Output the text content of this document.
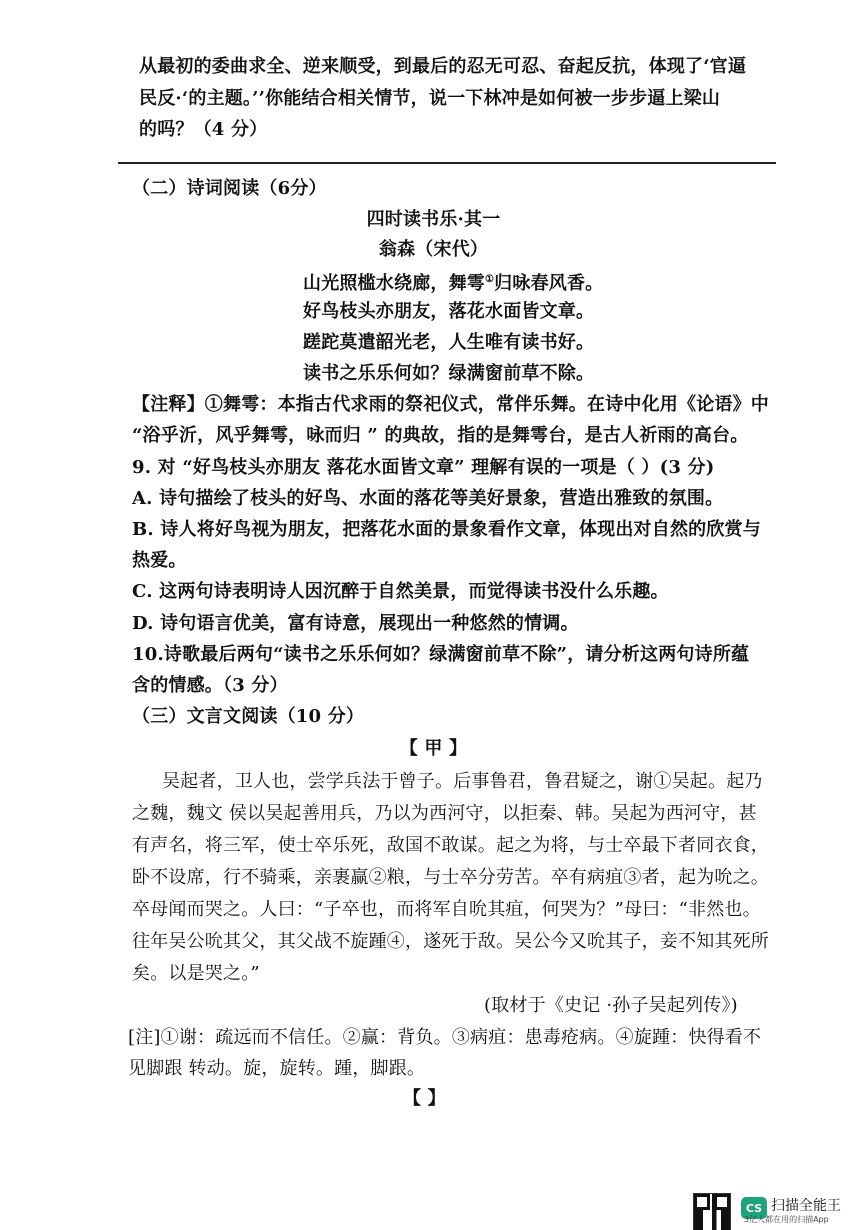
从最初的委曲求全、逆来顺受，到最后的忍无可忍、奋起反抗，体现了‘官逼
民反·‘的主题。’’你能结合相关情节，说一下林冲是如何被一步步逼上梁山
的吗？（4 分）
（二）诗词阅读（6分）
四时读书乐·其一
翁森（宋代）
山光照槛水绕廊，舞雩①归咏春风香。
好鸟枝头亦朋友，落花水面皆文章。
蹉跎莫遣韶光老，人生唯有读书好。
读书之乐乐何如？绿满窗前草不除。
【注释】①舞雩：本指古代求雨的祭祀仪式，常伴乐舞。在诗中化用《论语》中
“浴乎沂，风乎舞雩，咏而归 ” 的典故，指的是舞雩台，是古人祈雨的高台。
9. 对 “好鸟枝头亦朋友 落花水面皆文章” 理解有误的一项是（ ）(3 分)
A. 诗句描绘了枝头的好鸟、水面的落花等美好景象，营造出雅致的氛围。
B. 诗人将好鸟视为朋友，把落花水面的景象看作文章，体现出对自然的欣赏与
热爱。
C. 这两句诗表明诗人因沉醉于自然美景，而觉得读书没什么乐趣。
D. 诗句语言优美，富有诗意，展现出一种悠然的情调。
10.诗歌最后两句“读书之乐乐何如？绿满窗前草不除”，请分析这两句诗所蕴
含的情感。（3 分）
（三）文言文阅读（10 分）
【 甲 】
吴起者，卫人也，尝学兵法于曾子。后事鲁君，鲁君疑之，谢①吴起。起乃
之魏，魏文 侯以吴起善用兵，乃以为西河守，以拒秦、韩。吴起为西河守，甚
有声名，将三军，使士卒乐死，敌国不敢谋。起之为将，与士卒最下者同衣食，
卧不设席，行不骑乘，亲裹赢②粮，与士卒分劳苦。卒有病疽③者，起为吮之。
卒母闻而哭之。人曰：“子卒也，而将军自吮其疽，何哭为？”母曰：“非然也。
往年吴公吮其父，其父战不旋踵④，遂死于敌。吴公今又吮其子，妾不知其死所
矣。以是哭之。”
(取材于《史记 ·孙子吴起列传》)
[注]①谢：疏远而不信任。②赢：背负。③病疽：患毒疮病。④旋踵：快得看不
见脚跟 转动。旋，旋转。踵，脚跟。
【 】
CS 扫描全能王
3亿人都在用的扫描App
